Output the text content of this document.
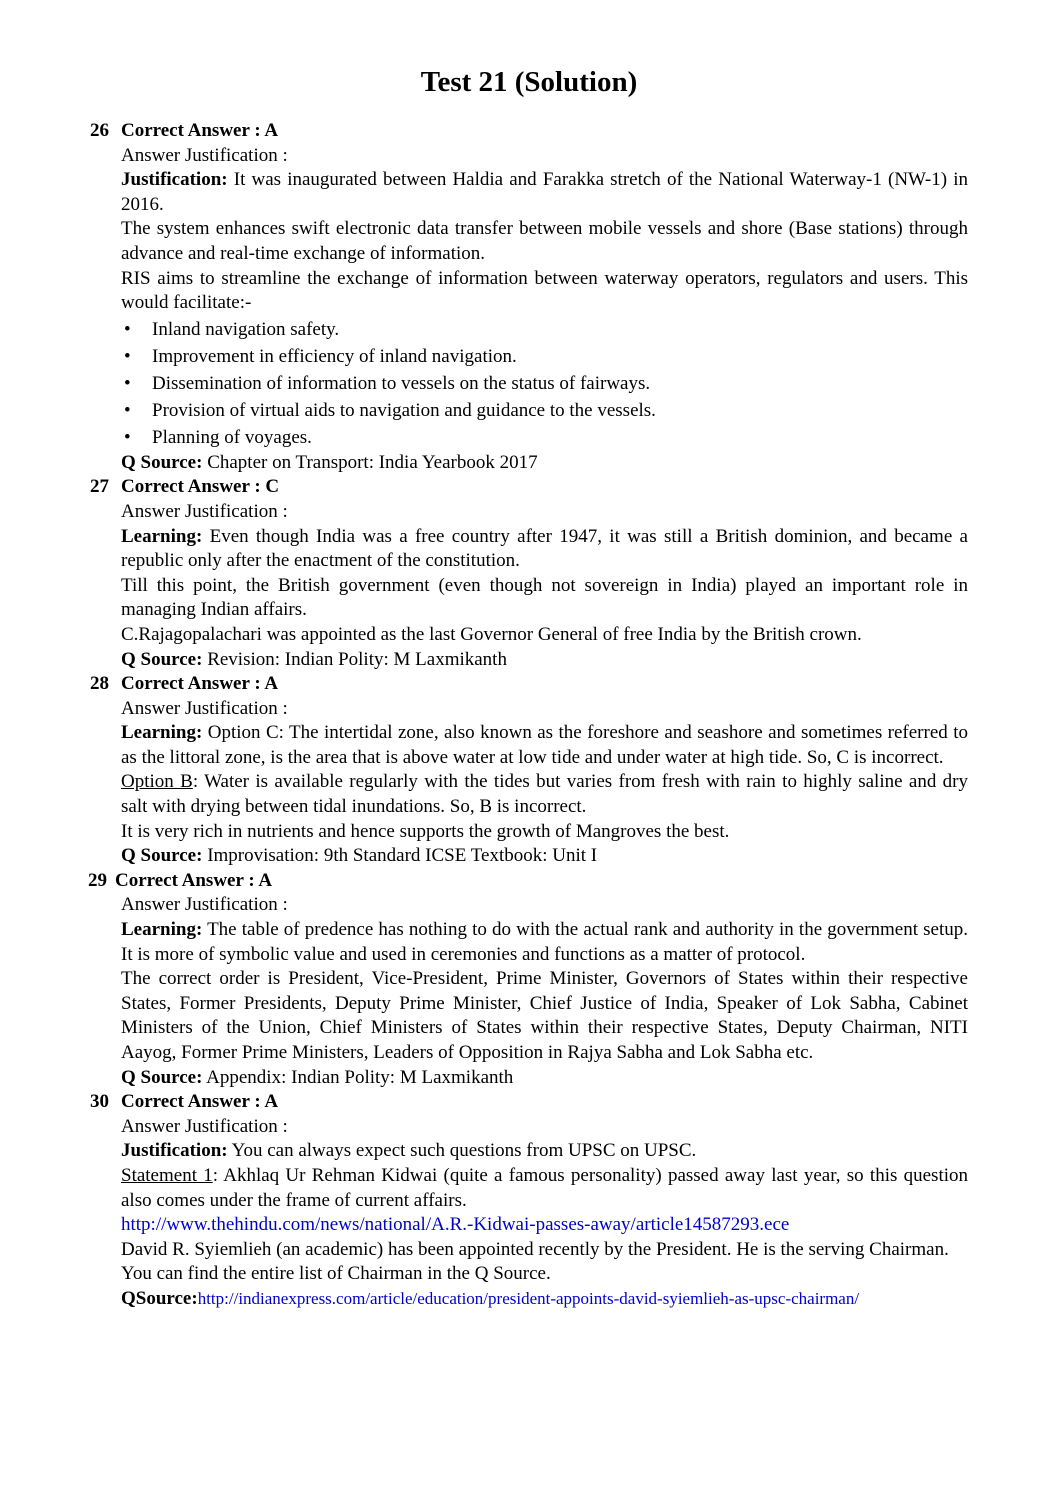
Test 21 (Solution)
26 Correct Answer : A
Answer Justification :
Justification: It was inaugurated between Haldia and Farakka stretch of the National Waterway-1 (NW-1) in 2016.
The system enhances swift electronic data transfer between mobile vessels and shore (Base stations) through advance and real-time exchange of information.
RIS aims to streamline the exchange of information between waterway operators, regulators and users. This would facilitate:-
• Inland navigation safety.
• Improvement in efficiency of inland navigation.
• Dissemination of information to vessels on the status of fairways.
• Provision of virtual aids to navigation and guidance to the vessels.
• Planning of voyages.
Q Source: Chapter on Transport: India Yearbook 2017
27 Correct Answer : C
Answer Justification :
Learning: Even though India was a free country after 1947, it was still a British dominion, and became a republic only after the enactment of the constitution.
Till this point, the British government (even though not sovereign in India) played an important role in managing Indian affairs.
C.Rajagopalachari was appointed as the last Governor General of free India by the British crown.
Q Source: Revision: Indian Polity: M Laxmikanth
28 Correct Answer : A
Answer Justification :
Learning: Option C: The intertidal zone, also known as the foreshore and seashore and sometimes referred to as the littoral zone, is the area that is above water at low tide and under water at high tide. So, C is incorrect.
Option B: Water is available regularly with the tides but varies from fresh with rain to highly saline and dry salt with drying between tidal inundations. So, B is incorrect.
It is very rich in nutrients and hence supports the growth of Mangroves the best.
Q Source: Improvisation: 9th Standard ICSE Textbook: Unit I
29 Correct Answer : A
Answer Justification :
Learning: The table of predence has nothing to do with the actual rank and authority in the government setup. It is more of symbolic value and used in ceremonies and functions as a matter of protocol.
The correct order is President, Vice-President, Prime Minister, Governors of States within their respective States, Former Presidents, Deputy Prime Minister, Chief Justice of India, Speaker of Lok Sabha, Cabinet Ministers of the Union, Chief Ministers of States within their respective States, Deputy Chairman, NITI Aayog, Former Prime Ministers, Leaders of Opposition in Rajya Sabha and Lok Sabha etc.
Q Source: Appendix: Indian Polity: M Laxmikanth
30 Correct Answer : A
Answer Justification :
Justification: You can always expect such questions from UPSC on UPSC.
Statement 1: Akhlaq Ur Rehman Kidwai (quite a famous personality) passed away last year, so this question also comes under the frame of current affairs.
http://www.thehindu.com/news/national/A.R.-Kidwai-passes-away/article14587293.ece
David R. Syiemlieh (an academic) has been appointed recently by the President. He is the serving Chairman.
You can find the entire list of Chairman in the Q Source.
QSource:http://indianexpress.com/article/education/president-appoints-david-syiemlieh-as-upsc-chairman/
